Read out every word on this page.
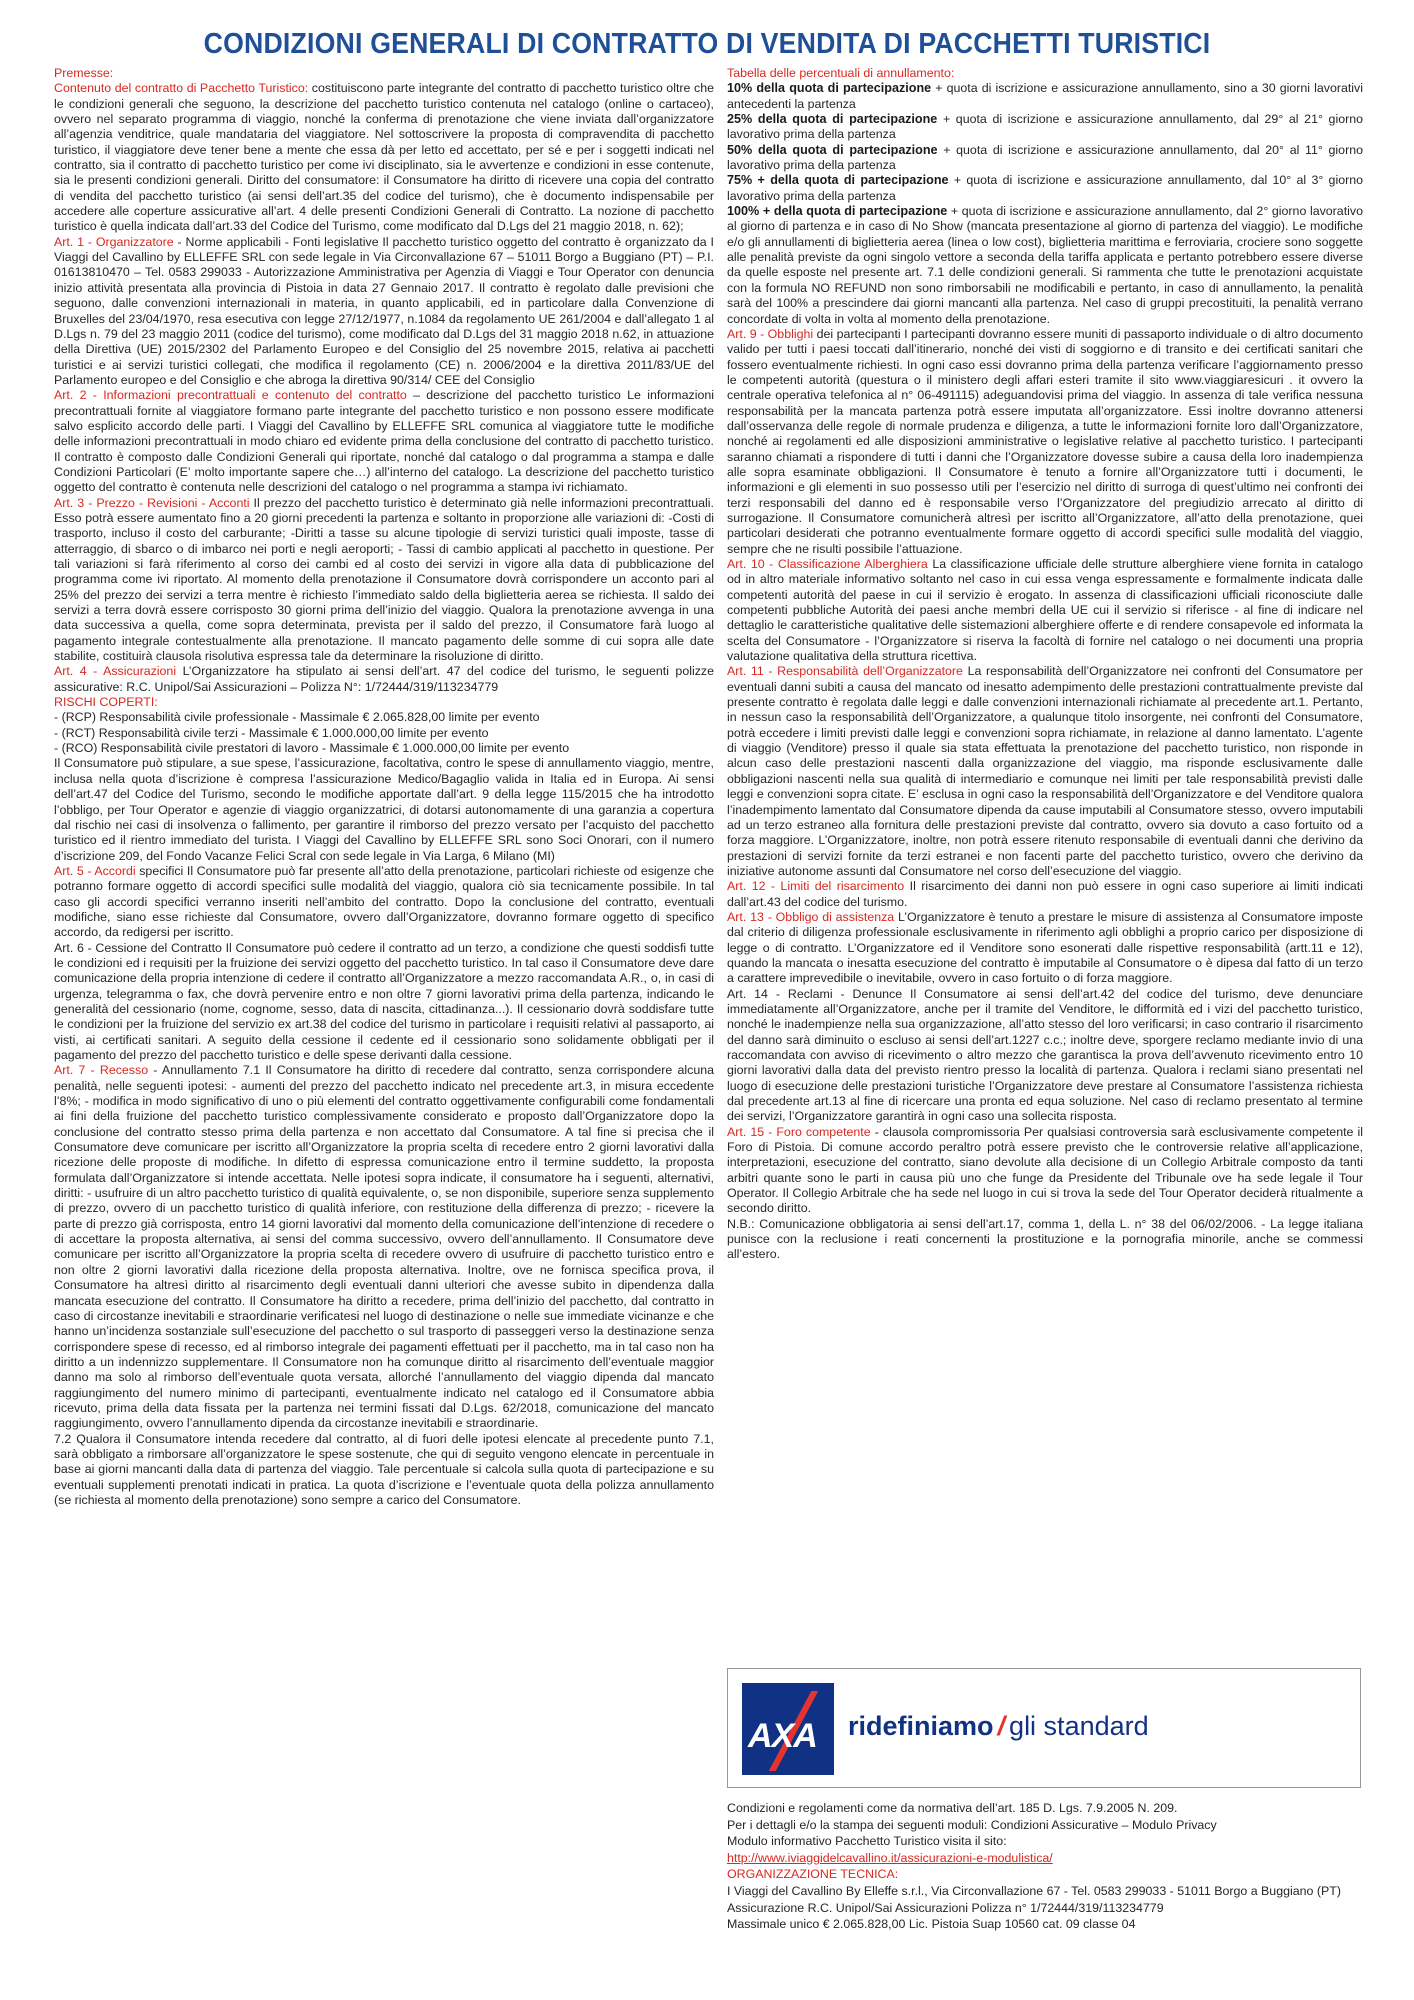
CONDIZIONI GENERALI DI CONTRATTO DI VENDITA DI PACCHETTI TURISTICI

Premesse:

Contenuto del contratto di Pacchetto Turistico: costituiscono parte integrante del contratto di pacchetto turistico oltre che le condizioni generali che seguono, la descrizione del pacchetto turistico contenuta nel catalogo (online o cartaceo), ovvero nel separato programma di viaggio, nonché la conferma di prenotazione che viene inviata dall’organizzatore all’agenzia venditrice, quale mandataria del viaggiatore. Nel sottoscrivere la proposta di compravendita di pacchetto turistico, il viaggiatore deve tener bene a mente che essa dà per letto ed accettato, per sé e per i soggetti indicati nel contratto, sia il contratto di pacchetto turistico per come ivi disciplinato, sia le avvertenze e condizioni in esse contenute, sia le presenti condizioni generali. Diritto del consumatore: il Consumatore ha diritto di ricevere una copia del contratto di vendita del pacchetto turistico (ai sensi dell’art.35 del codice del turismo), che è documento indispensabile per accedere alle coperture assicurative all’art. 4 delle presenti Condizioni Generali di Contratto. La nozione di pacchetto turistico è quella indicata dall’art.33 del Codice del Turismo, come modificato dal D.Lgs del 21 maggio 2018, n. 62);

Art. 1 - Organizzatore - Norme applicabili - Fonti legislative Il pacchetto turistico oggetto del contratto è organizzato da I Viaggi del Cavallino by ELLEFFE SRL con sede legale in Via Circonvallazione 67 – 51011 Borgo a Buggiano (PT) – P.I. 01613810470 – Tel. 0583 299033 - Autorizzazione Amministrativa per Agenzia di Viaggi e Tour Operator con denuncia inizio attività presentata alla provincia di Pistoia in data 27 Gennaio 2017. Il contratto è regolato dalle previsioni che seguono, dalle convenzioni internazionali in materia, in quanto applicabili, ed in particolare dalla Convenzione di Bruxelles del 23/04/1970, resa esecutiva con legge 27/12/1977, n.1084 da regolamento UE 261/2004 e dall’allegato 1 al D.Lgs n. 79 del 23 maggio 2011 (codice del turismo), come modificato dal D.Lgs del 31 maggio 2018 n.62, in attuazione della Direttiva (UE) 2015/2302 del Parlamento Europeo e del Consiglio del 25 novembre 2015, relativa ai pacchetti turistici e ai servizi turistici collegati, che modifica il regolamento (CE) n. 2006/2004 e la direttiva 2011/83/UE del Parlamento europeo e del Consiglio e che abroga la direttiva 90/314/ CEE del Consiglio

Art. 2 - Informazioni precontrattuali e contenuto del contratto – descrizione del pacchetto turistico Le informazioni precontrattuali fornite al viaggiatore formano parte integrante del pacchetto turistico e non possono essere modificate salvo esplicito accordo delle parti. I Viaggi del Cavallino by ELLEFFE SRL comunica al viaggiatore tutte le modifiche delle informazioni precontrattuali in modo chiaro ed evidente prima della conclusione del contratto di pacchetto turistico. Il contratto è composto dalle Condizioni Generali qui riportate, nonché dal catalogo o dal programma a stampa e dalle Condizioni Particolari (E’ molto importante sapere che…) all’interno del catalogo. La descrizione del pacchetto turistico oggetto del contratto è contenuta nelle descrizioni del catalogo o nel programma a stampa ivi richiamato.

Art. 3 - Prezzo - Revisioni - Acconti Il prezzo del pacchetto turistico è determinato già nelle informazioni precontrattuali. Esso potrà essere aumentato fino a 20 giorni precedenti la partenza e soltanto in proporzione alle variazioni di: -Costi di trasporto, incluso il costo del carburante; -Diritti a tasse su alcune tipologie di servizi turistici quali imposte, tasse di atterraggio, di sbarco o di imbarco nei porti e negli aeroporti; - Tassi di cambio applicati al pacchetto in questione. Per tali variazioni si farà riferimento al corso dei cambi ed al costo dei servizi in vigore alla data di pubblicazione del programma come ivi riportato. Al momento della prenotazione il Consumatore dovrà corrispondere un acconto pari al 25% del prezzo dei servizi a terra mentre è richiesto l’immediato saldo della biglietteria aerea se richiesta. Il saldo dei servizi a terra dovrà essere corrisposto 30 giorni prima dell’inizio del viaggio. Qualora la prenotazione avvenga in una data successiva a quella, come sopra determinata, prevista per il saldo del prezzo, il Consumatore farà luogo al pagamento integrale contestualmente alla prenotazione. Il mancato pagamento delle somme di cui sopra alle date stabilite, costituirà clausola risolutiva espressa tale da determinare la risoluzione di diritto.

Art. 4 - Assicurazioni L’Organizzatore ha stipulato ai sensi dell’art. 47 del codice del turismo, le seguenti polizze assicurative: R.C. Unipol/Sai Assicurazioni – Polizza N°: 1/72444/319/113234779

RISCHI COPERTI:

- (RCP) Responsabilità civile professionale - Massimale € 2.065.828,00 limite per evento

- (RCT) Responsabilità civile terzi - Massimale € 1.000.000,00 limite per evento

- (RCO) Responsabilità civile prestatori di lavoro - Massimale € 1.000.000,00 limite per evento

Il Consumatore può stipulare, a sue spese, l’assicurazione, facoltativa, contro le spese di annullamento viaggio, mentre, inclusa nella quota d’iscrizione è compresa l’assicurazione Medico/Bagaglio valida in Italia ed in Europa. Ai sensi dell’art.47 del Codice del Turismo, secondo le modifiche apportate dall’art. 9 della legge 115/2015 che ha introdotto l’obbligo, per Tour Operator e agenzie di viaggio organizzatrici, di dotarsi autonomamente di una garanzia a copertura dal rischio nei casi di insolvenza o fallimento, per garantire il rimborso del prezzo versato per l’acquisto del pacchetto turistico ed il rientro immediato del turista. I Viaggi del Cavallino by ELLEFFE SRL sono Soci Onorari, con il numero d’iscrizione 209, del Fondo Vacanze Felici Scral con sede legale in Via Larga, 6 Milano (MI)

Art. 5 - Accordi specifici Il Consumatore può far presente all’atto della prenotazione, particolari richieste od esigenze che potranno formare oggetto di accordi specifici sulle modalità del viaggio, qualora ciò sia tecnicamente possibile. In tal caso gli accordi specifici verranno inseriti nell’ambito del contratto. Dopo la conclusione del contratto, eventuali modifiche, siano esse richieste dal Consumatore, ovvero dall’Organizzatore, dovranno formare oggetto di specifico accordo, da redigersi per iscritto.

Art. 6 - Cessione del Contratto Il Consumatore può cedere il contratto ad un terzo, a condizione che questi soddisfi tutte le condizioni ed i requisiti per la fruizione dei servizi oggetto del pacchetto turistico. In tal caso il Consumatore deve dare comunicazione della propria intenzione di cedere il contratto all’Organizzatore a mezzo raccomandata A.R., o, in casi di urgenza, telegramma o fax, che dovrà pervenire entro e non oltre 7 giorni lavorativi prima della partenza, indicando le generalità del cessionario (nome, cognome, sesso, data di nascita, cittadinanza...). Il cessionario dovrà soddisfare tutte le condizioni per la fruizione del servizio ex art.38 del codice del turismo in particolare i requisiti relativi al passaporto, ai visti, ai certificati sanitari. A seguito della cessione il cedente ed il cessionario sono solidamente obbligati per il pagamento del prezzo del pacchetto turistico e delle spese derivanti dalla cessione.

Art. 7 - Recesso - Annullamento 7.1 Il Consumatore ha diritto di recedere dal contratto, senza corrispondere alcuna penalità, nelle seguenti ipotesi: - aumenti del prezzo del pacchetto indicato nel precedente art.3, in misura eccedente l’8%; - modifica in modo significativo di uno o più elementi del contratto oggettivamente configurabili come fondamentali ai fini della fruizione del pacchetto turistico complessivamente considerato e proposto dall’Organizzatore dopo la conclusione del contratto stesso prima della partenza e non accettato dal Consumatore. A tal fine si precisa che il Consumatore deve comunicare per iscritto all’Organizzatore la propria scelta di recedere entro 2 giorni lavorativi dalla ricezione delle proposte di modifiche. In difetto di espressa comunicazione entro il termine suddetto, la proposta formulata dall’Organizzatore si intende accettata. Nelle ipotesi sopra indicate, il consumatore ha i seguenti, alternativi, diritti: - usufruire di un altro pacchetto turistico di qualità equivalente, o, se non disponibile, superiore senza supplemento di prezzo, ovvero di un pacchetto turistico di qualità inferiore, con restituzione della differenza di prezzo; - ricevere la parte di prezzo già corrisposta, entro 14 giorni lavorativi dal momento della comunicazione dell’intenzione di recedere o di accettare la proposta alternativa, ai sensi del comma successivo, ovvero dell’annullamento. Il Consumatore deve comunicare per iscritto all’Organizzatore la propria scelta di recedere ovvero di usufruire di pacchetto turistico entro e non oltre 2 giorni lavorativi dalla ricezione della proposta alternativa. Inoltre, ove ne fornisca specifica prova, il Consumatore ha altresì diritto al risarcimento degli eventuali danni ulteriori che avesse subito in dipendenza dalla mancata esecuzione del contratto. Il Consumatore ha diritto a recedere, prima dell’inizio del pacchetto, dal contratto in caso di circostanze inevitabili e straordinarie verificatesi nel luogo di destinazione o nelle sue immediate vicinanze e che hanno un’incidenza sostanziale sull’esecuzione del pacchetto o sul trasporto di passeggeri verso la destinazione senza corrispondere spese di recesso, ed al rimborso integrale dei pagamenti effettuati per il pacchetto, ma in tal caso non ha diritto a un indennizzo supplementare. Il Consumatore non ha comunque diritto al risarcimento dell’eventuale maggior danno ma solo al rimborso dell’eventuale quota versata, allorché l’annullamento del viaggio dipenda dal mancato raggiungimento del numero minimo di partecipanti, eventualmente indicato nel catalogo ed il Consumatore abbia ricevuto, prima della data fissata per la partenza nei termini fissati dal D.Lgs. 62/2018, comunicazione del mancato raggiungimento, ovvero l’annullamento dipenda da circostanze inevitabili e straordinarie.

7.2 Qualora il Consumatore intenda recedere dal contratto, al di fuori delle ipotesi elencate al precedente punto 7.1, sarà obbligato a rimborsare all’organizzatore le spese sostenute, che qui di seguito vengono elencate in percentuale in base ai giorni mancanti dalla data di partenza del viaggio. Tale percentuale si calcola sulla quota di partecipazione e su eventuali supplementi prenotati indicati in pratica. La quota d’iscrizione e l’eventuale quota della polizza annullamento (se richiesta al momento della prenotazione) sono sempre a carico del Consumatore.

Tabella delle percentuali di annullamento:

10% della quota di partecipazione + quota di iscrizione e assicurazione annullamento, sino a 30 giorni lavorativi antecedenti la partenza

25% della quota di partecipazione + quota di iscrizione e assicurazione annullamento, dal 29° al 21° giorno lavorativo prima della partenza

50% della quota di partecipazione + quota di iscrizione e assicurazione annullamento, dal 20° al 11° giorno lavorativo prima della partenza

75% + della quota di partecipazione + quota di iscrizione e assicurazione annullamento, dal 10° al 3° giorno lavorativo prima della partenza

100% + della quota di partecipazione + quota di iscrizione e assicurazione annullamento, dal 2° giorno lavorativo al giorno di partenza e in caso di No Show (mancata presentazione al giorno di partenza del viaggio). Le modifiche e/o gli annullamenti di biglietteria aerea (linea o low cost), biglietteria marittima e ferroviaria, crociere sono soggette alle penalità previste da ogni singolo vettore a seconda della tariffa applicata e pertanto potrebbero essere diverse da quelle esposte nel presente art. 7.1 delle condizioni generali. Si rammenta che tutte le prenotazioni acquistate con la formula NO REFUND non sono rimborsabili ne modificabili e pertanto, in caso di annullamento, la penalità sarà del 100% a prescindere dai giorni mancanti alla partenza. Nel caso di gruppi precostituiti, la penalità verrano concordate di volta in volta al momento della prenotazione.

Art. 9 - Obblighi dei partecipanti I partecipanti dovranno essere muniti di passaporto individuale o di altro documento valido per tutti i paesi toccati dall’itinerario, nonché dei visti di soggiorno e di transito e dei certificati sanitari che fossero eventualmente richiesti. In ogni caso essi dovranno prima della partenza verificare l’aggiornamento presso le competenti autorità (questura o il ministero degli affari esteri tramite il sito www.viaggiaresicuri . it ovvero la centrale operativa telefonica al n° 06-491115) adeguandovisi prima del viaggio. In assenza di tale verifica nessuna responsabilità per la mancata partenza potrà essere imputata all’organizzatore. Essi inoltre dovranno attenersi dall’osservanza delle regole di normale prudenza e diligenza, a tutte le informazioni fornite loro dall’Organizzatore, nonché ai regolamenti ed alle disposizioni amministrative o legislative relative al pacchetto turistico. I partecipanti saranno chiamati a rispondere di tutti i danni che l’Organizzatore dovesse subire a causa della loro inadempienza alle sopra esaminate obbligazioni. Il Consumatore è tenuto a fornire all’Organizzatore tutti i documenti, le informazioni e gli elementi in suo possesso utili per l’esercizio nel diritto di surroga di quest’ultimo nei confronti dei terzi responsabili del danno ed è responsabile verso l’Organizzatore del pregiudizio arrecato al diritto di surrogazione. Il Consumatore comunicherà altresì per iscritto all’Organizzatore, all’atto della prenotazione, quei particolari desiderati che potranno eventualmente formare oggetto di accordi specifici sulle modalità del viaggio, sempre che ne risulti possibile l’attuazione.

Art. 10 - Classificazione Alberghiera La classificazione ufficiale delle strutture alberghiere viene fornita in catalogo od in altro materiale informativo soltanto nel caso in cui essa venga espressamente e formalmente indicata dalle competenti autorità del paese in cui il servizio è erogato. In assenza di classificazioni ufficiali riconosciute dalle competenti pubbliche Autorità dei paesi anche membri della UE cui il servizio si riferisce - al fine di indicare nel dettaglio le caratteristiche qualitative delle sistemazioni alberghiere offerte e di rendere consapevole ed informata la scelta del Consumatore - l’Organizzatore si riserva la facoltà di fornire nel catalogo o nei documenti una propria valutazione qualitativa della struttura ricettiva.

Art. 11 - Responsabilità dell’Organizzatore La responsabilità dell’Organizzatore nei confronti del Consumatore per eventuali danni subiti a causa del mancato od inesatto adempimento delle prestazioni contrattualmente previste dal presente contratto è regolata dalle leggi e dalle convenzioni internazionali richiamate al precedente art.1. Pertanto, in nessun caso la responsabilità dell’Organizzatore, a qualunque titolo insorgente, nei confronti del Consumatore, potrà eccedere i limiti previsti dalle leggi e convenzioni sopra richiamate, in relazione al danno lamentato. L’agente di viaggio (Venditore) presso il quale sia stata effettuata la prenotazione del pacchetto turistico, non risponde in alcun caso delle prestazioni nascenti dalla organizzazione del viaggio, ma risponde esclusivamente dalle obbligazioni nascenti nella sua qualità di intermediario e comunque nei limiti per tale responsabilità previsti dalle leggi e convenzioni sopra citate. E’ esclusa in ogni caso la responsabilità dell’Organizzatore e del Venditore qualora l’inadempimento lamentato dal Consumatore dipenda da cause imputabili al Consumatore stesso, ovvero imputabili ad un terzo estraneo alla fornitura delle prestazioni previste dal contratto, ovvero sia dovuto a caso fortuito od a forza maggiore. L’Organizzatore, inoltre, non potrà essere ritenuto responsabile di eventuali danni che derivino da prestazioni di servizi fornite da terzi estranei e non facenti parte del pacchetto turistico, ovvero che derivino da iniziative autonome assunti dal Consumatore nel corso dell’esecuzione del viaggio.

Art. 12 - Limiti del risarcimento Il risarcimento dei danni non può essere in ogni caso superiore ai limiti indicati dall’art.43 del codice del turismo.

Art. 13 - Obbligo di assistenza L’Organizzatore è tenuto a prestare le misure di assistenza al Consumatore imposte dal criterio di diligenza professionale esclusivamente in riferimento agli obblighi a proprio carico per disposizione di legge o di contratto. L’Organizzatore ed il Venditore sono esonerati dalle rispettive responsabilità (artt.11 e 12), quando la mancata o inesatta esecuzione del contratto è imputabile al Consumatore o è dipesa dal fatto di un terzo a carattere imprevedibile o inevitabile, ovvero in caso fortuito o di forza maggiore.

Art. 14 - Reclami - Denunce Il Consumatore ai sensi dell’art.42 del codice del turismo, deve denunciare immediatamente all’Organizzatore, anche per il tramite del Venditore, le difformità ed i vizi del pacchetto turistico, nonché le inadempienze nella sua organizzazione, all’atto stesso del loro verificarsi; in caso contrario il risarcimento del danno sarà diminuito o escluso ai sensi dell’art.1227 c.c.; inoltre deve, sporgere reclamo mediante invio di una raccomandata con avviso di ricevimento o altro mezzo che garantisca la prova dell’avvenuto ricevimento entro 10 giorni lavorativi dalla data del previsto rientro presso la località di partenza. Qualora i reclami siano presentati nel luogo di esecuzione delle prestazioni turistiche l’Organizzatore deve prestare al Consumatore l’assistenza richiesta dal precedente art.13 al fine di ricercare una pronta ed equa soluzione. Nel caso di reclamo presentato al termine dei servizi, l’Organizzatore garantirà in ogni caso una sollecita risposta.

Art. 15 - Foro competente - clausola compromissoria Per qualsiasi controversia sarà esclusivamente competente il Foro di Pistoia. Di comune accordo peraltro potrà essere previsto che le controversie relative all’applicazione, interpretazioni, esecuzione del contratto, siano devolute alla decisione di un Collegio Arbitrale composto da tanti arbitri quante sono le parti in causa più uno che funge da Presidente del Tribunale ove ha sede legale il Tour Operator. Il Collegio Arbitrale che ha sede nel luogo in cui si trova la sede del Tour Operator deciderà ritualmente a secondo diritto.

N.B.: Comunicazione obbligatoria ai sensi dell’art.17, comma 1, della L. n° 38 del 06/02/2006. - La legge italiana punisce con la reclusione i reati concernenti la prostituzione e la pornografia minorile, anche se commessi all’estero.

AXA ridefiniamo / gli standard

Condizioni e regolamenti come da normativa dell’art. 185 D. Lgs. 7.9.2005 N. 209.

Per i dettagli e/o la stampa dei seguenti moduli: Condizioni Assicurative – Modulo Privacy

Modulo informativo Pacchetto Turistico visita il sito:

http://www.iviaggidelcavallino.it/assicurazioni-e-modulistica/

ORGANIZZAZIONE TECNICA:

I Viaggi del Cavallino By Elleffe s.r.l., Via Circonvallazione 67 - Tel. 0583 299033 - 51011 Borgo a Buggiano (PT)

Assicurazione R.C. Unipol/Sai Assicurazioni Polizza n° 1/72444/319/113234779

Massimale unico € 2.065.828,00 Lic. Pistoia Suap 10560 cat. 09 classe 04
